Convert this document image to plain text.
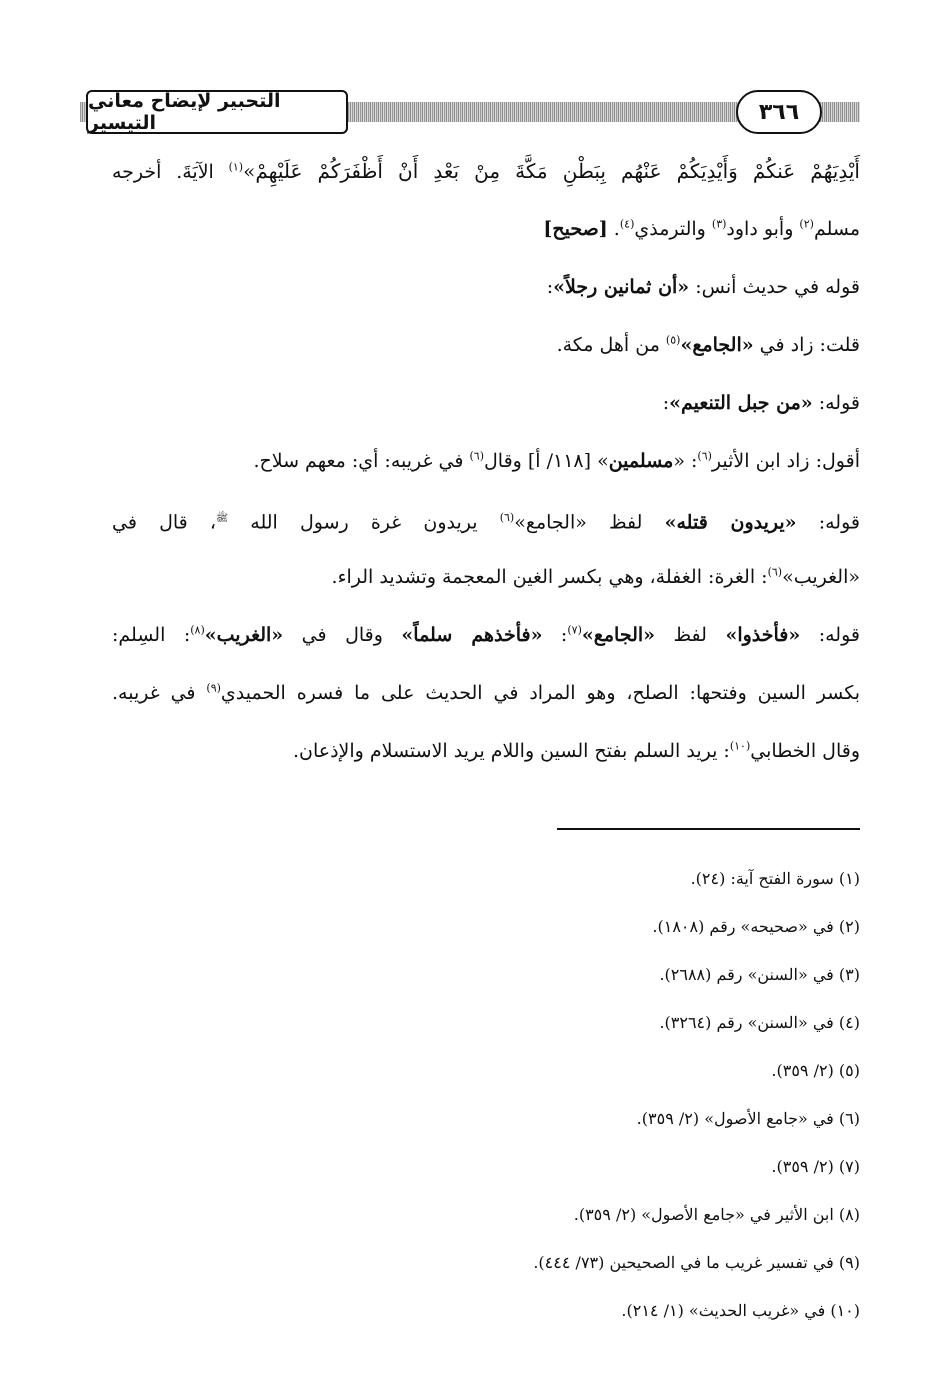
التحبير لإيضاح معاني التيسير	٣٦٦
أَيْدِيَهُمْ عَنكُمْ وَأَيْدِيَكُمْ عَنْهُم بِبَطْنِ مَكَّةَ مِنْ بَعْدِ أَنْ أَظْفَرَكُمْ عَلَيْهِمْ»$^{(١)}$ الآيَةَ. أخرجه
مسلم$^{(٢)}$ وأبو داود$^{(٣)}$ والترمذي$^{(٤)}$. [صحيح]
قوله في حديث أنس: «أن ثمانين رجلاً»:
قلت: زاد في «الجامع»$^{(٥)}$ من أهل مكة.
قوله: «من جبل التنعيم»:
أقول: زاد ابن الأثير$^{(٦)}$: «مسلمين» [١١٨/ أ] وقال$^{(٦)}$ في غريبه: أي: معهم سلاح.
قوله: «يريدون قتله» لفظ «الجامع»$^{(٦)}$ يريدون غرة رسول الله $^ﷺ$، قال في
«الغريب»$^{(٦)}$: الغرة: الغفلة، وهي بكسر الغين المعجمة وتشديد الراء.
قوله: «فأخذوا» لفظ «الجامع»$^{(٧)}$: «فأخذهم سلماً» وقال في «الغريب»$^{(٨)}$: السِلم:
بكسر السين وفتحها: الصلح، وهو المراد في الحديث على ما فسره الحميدي$^{(٩)}$ في غريبه.
وقال الخطابي$^{(١٠)}$: يريد السلم بفتح السين واللام يريد الاستسلام والإذعان.
(١) سورة الفتح آية: (٢٤).
(٢) في «صحيحه» رقم (١٨٠٨).
(٣) في «السنن» رقم (٢٦٨٨).
(٤) في «السنن» رقم (٣٢٦٤).
(٥) (٢/ ٣٥٩).
(٦) في «جامع الأصول» (٢/ ٣٥٩).
(٧) (٢/ ٣٥٩).
(٨) ابن الأثير في «جامع الأصول» (٢/ ٣٥٩).
(٩) في تفسير غريب ما في الصحيحين (٧٣/ ٤٤٤).
(١٠) في «غريب الحديث» (١/ ٢١٤).
